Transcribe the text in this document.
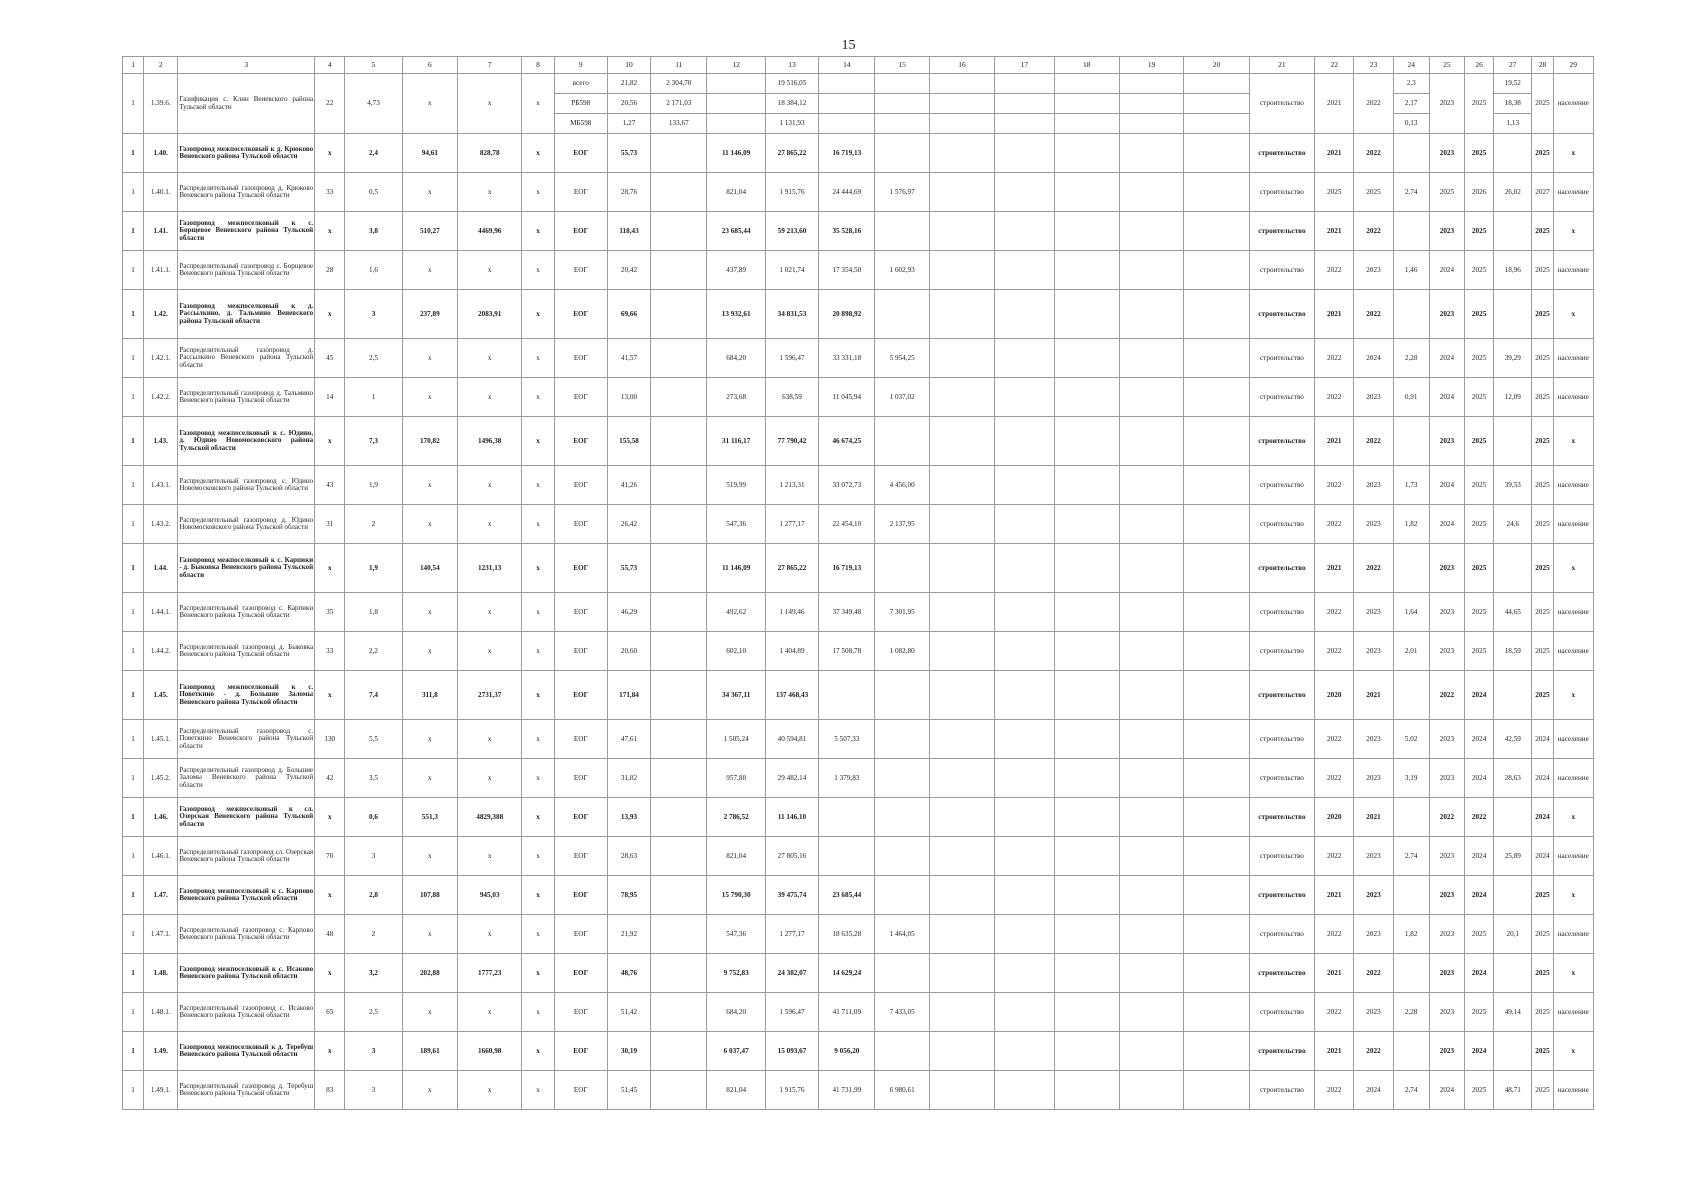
15
1	2	3	4	5	6	7	8	9	10	11	12	13	14	15	16	17	18	19	20	21	22	23	24	25	26	27	28	29
1	1.39.6.	Газификация с. Клин Веневского района Тульской области	22	4,73	х	х	х	всего	21,82	2 304,70		19 516,05								строительство	2021	2022	2,3	2023	2025	19,52	2025	население
								РБ598	20,56	2 171,03		18 384,12											2,17			18,38		
								МБ598	1,27	133,67		1 131,93											0,13			1,13		
1	1.40.	Газопровод межпоселковый к д. Крюково Веневского района Тульской области	х	2,4	94,61	828,78	х	ЕОГ	55,73		11 146,09	27 865,22	16 719,13							строительство	2021	2022		2023	2025		2025	х
1	1.40.1.	Распределительный газопровод д. Крюково Веневского района Тульской области	33	0,5	х	х	х	ЕОГ	28,76		821,04	1 915,76	24 444,69	1 576,97						строительство	2025	2025	2,74	2025	2026	26,02	2027	население
1	1.41.	Газопровод межпоселковый к с. Борщевое Веневского района Тульской области	х	3,8	510,27	4469,96	х	ЕОГ	118,43		23 685,44	59 213,60	35 528,16							строительство	2021	2022		2023	2025		2025	х
1	1.41.1.	Распределительный газопровод с. Борщевое Веневского района Тульской области	28	1,6	х	х	х	ЕОГ	20,42		437,89	1 021,74	17 354,50	1 602,93						строительство	2022	2023	1,46	2024	2025	18,96	2025	население
1	1.42.	Газопровод межпоселковый к д. Рассылкино, д. Тальмино Веневского района Тульской области	х	3	237,89	2083,91	х	ЕОГ	69,66		13 932,61	34 831,53	20 898,92							строительство	2021	2022		2023	2025		2025	х
1	1.42.1.	Распределительный газопровод д. Рассылкино Веневского района Тульской области	45	2,5	х	х	х	ЕОГ	41,57		684,20	1 596,47	33 331,18	5 954,25						строительство	2022	2024	2,28	2024	2025	39,29	2025	население
1	1.42.2.	Распределительный газопровод д. Тальмино Веневского района Тульской области	14	1	х	х	х	ЕОГ	13,00		273,68	638,59	11 045,94	1 037,02						строительство	2022	2023	0,91	2024	2025	12,09	2025	население
1	1.43.	Газопровод межпоселковый к с. Юдино, д. Юдино Новомосковского района Тульской области	х	7,3	170,82	1496,38	х	ЕОГ	155,58		31 116,17	77 790,42	46 674,25							строительство	2021	2022		2023	2025		2025	х
1	1.43.1.	Распределительный газопровод с. Юдино Новомосковского района Тульской области	43	1,9	х	х	х	ЕОГ	41,26		519,99	1 213,31	33 072,73	4 456,00						строительство	2022	2023	1,73	2024	2025	39,53	2025	население
1	1.43.2.	Распределительный газопровод д. Юдино Новомосковского района Тульской области	31	2	х	х	х	ЕОГ	26,42		547,36	1 277,17	22 454,10	2 137,95						строительство	2022	2023	1,82	2024	2025	24,6	2025	население
1	1.44.	Газопровод межпоселковый к с. Карпики - д. Быковка Веневского района Тульской области	х	1,9	140,54	1231,13	х	ЕОГ	55,73		11 146,09	27 865,22	16 719,13							строительство	2021	2022		2023	2025		2025	х
1	1.44.1.	Распределительный газопровод с. Карпики Веневского района Тульской области	35	1,8	х	х	х	ЕОГ	46,29		492,62	1 149,46	37 349,48	7 301,95						строительство	2022	2023	1,64	2023	2025	44,65	2025	население
1	1.44.2.	Распределительный газопровод д. Быковка Веневского района Тульской области	33	2,2	х	х	х	ЕОГ	20,60		602,10	1 404,89	17 508,78	1 082,80						строительство	2022	2023	2,01	2023	2025	18,59	2025	население
1	1.45.	Газопровод межпоселковый к с. Поветкино - д. Большие Заломы Веневского района Тульской области	х	7,4	311,8	2731,37	х	ЕОГ	171,84		34 367,11	137 468,43								строительство	2020	2021		2022	2024		2025	х
1	1.45.1.	Распределительный газопровод с. Поветкино Веневского района Тульской области	130	5,5	х	х	х	ЕОГ	47,61		1 505,24	40 594,81	5 507,33							строительство	2022	2023	5,02	2023	2024	42,59	2024	население
1	1.45.2.	Распределительный газопровод д. Большие Заломы Веневского района Тульской области	42	3,5	х	х	х	ЕОГ	31,82		957,88	29 482,14	1 379,83							строительство	2022	2023	3,19	2023	2024	28,63	2024	население
1	1.46.	Газопровод межпоселковый к сл. Озерская Веневского района Тульской области	х	0,6	551,3	4829,388	х	ЕОГ	13,93		2 786,52	11 146,10								строительство	2020	2021		2022	2022		2024	х
1	1.46.1.	Распределительный газопровод сл. Озерская Веневского района Тульской области	70	3	х	х	х	ЕОГ	28,63		821,04	27 805,16								строительство	2022	2023	2,74	2023	2024	25,89	2024	население
1	1.47.	Газопровод межпоселковый к с. Карпово Веневского района Тульской области	х	2,8	107,88	945,03	х	ЕОГ	78,95		15 790,30	39 475,74	23 685,44							строительство	2021	2023		2023	2024		2025	х
1	1.47.1.	Распределительный газопровод с. Карпово Веневского района Тульской области	48	2	х	х	х	ЕОГ	21,92		547,36	1 277,17	18 635,28	1 464,05						строительство	2022	2023	1,82	2023	2025	20,1	2025	население
1	1.48.	Газопровод межпоселковый к с. Исаково Веневского района Тульской области	х	3,2	202,88	1777,23	х	ЕОГ	48,76		9 752,83	24 382,07	14 629,24							строительство	2021	2022		2023	2024		2025	х
1	1.48.1.	Распределительный газопровод с. Исаково Веневского района Тульской области	65	2,5	х	х	х	ЕОГ	51,42		684,20	1 596,47	41 711,09	7 433,05						строительство	2022	2023	2,28	2023	2025	49,14	2025	население
1	1.49.	Газопровод межпоселковый к д. Теребуш Веневского района Тульской области	х	3	189,61	1660,98	х	ЕОГ	30,19		6 037,47	15 093,67	9 056,20							строительство	2021	2022		2023	2024		2025	х
1	1.49.1.	Распределительный газопровод д. Теребуш Веневского района Тульской области	83	3	х	х	х	ЕОГ	51,45		821,04	1 915,76	41 731,99	6 980,61						строительство	2022	2024	2,74	2024	2025	48,71	2025	население
